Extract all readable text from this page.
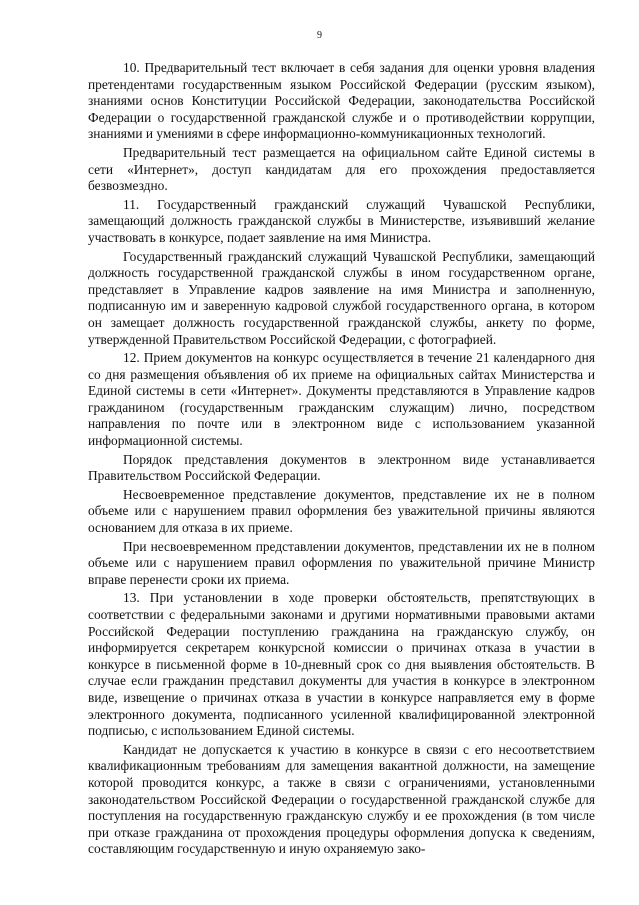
9

10. Предварительный тест включает в себя задания для оценки уровня владения претендентами государственным языком Российской Федерации (русским языком), знаниями основ Конституции Российской Федерации, законодательства Российской Федерации о государственной гражданской службе и о противодействии коррупции, знаниями и умениями в сфере информационно-коммуникационных технологий.

Предварительный тест размещается на официальном сайте Единой системы в сети «Интернет», доступ кандидатам для его прохождения предоставляется безвозмездно.

11. Государственный гражданский служащий Чувашской Республики, замещающий должность гражданской службы в Министерстве, изъявивший желание участвовать в конкурсе, подает заявление на имя Министра.

Государственный гражданский служащий Чувашской Республики, замещающий должность государственной гражданской службы в ином государственном органе, представляет в Управление кадров заявление на имя Министра и заполненную, подписанную им и заверенную кадровой службой государственного органа, в котором он замещает должность государственной гражданской службы, анкету по форме, утвержденной Правительством Российской Федерации, с фотографией.

12. Прием документов на конкурс осуществляется в течение 21 календарного дня со дня размещения объявления об их приеме на официальных сайтах Министерства и Единой системы в сети «Интернет». Документы представляются в Управление кадров гражданином (государственным гражданским служащим) лично, посредством направления по почте или в электронном виде с использованием указанной информационной системы.

Порядок представления документов в электронном виде устанавливается Правительством Российской Федерации.

Несвоевременное представление документов, представление их не в полном объеме или с нарушением правил оформления без уважительной причины являются основанием для отказа в их приеме.

При несвоевременном представлении документов, представлении их не в полном объеме или с нарушением правил оформления по уважительной причине Министр вправе перенести сроки их приема.

13. При установлении в ходе проверки обстоятельств, препятствующих в соответствии с федеральными законами и другими нормативными правовыми актами Российской Федерации поступлению гражданина на гражданскую службу, он информируется секретарем конкурсной комиссии о причинах отказа в участии в конкурсе в письменной форме в 10-дневный срок со дня выявления обстоятельств. В случае если гражданин представил документы для участия в конкурсе в электронном виде, извещение о причинах отказа в участии в конкурсе направляется ему в форме электронного документа, подписанного усиленной квалифицированной электронной подписью, с использованием Единой системы.

Кандидат не допускается к участию в конкурсе в связи с его несоответствием квалификационным требованиям для замещения вакантной должности, на замещение которой проводится конкурс, а также в связи с ограничениями, установленными законодательством Российской Федерации о государственной гражданской службе для поступления на государственную гражданскую службу и ее прохождения (в том числе при отказе гражданина от прохождения процедуры оформления допуска к сведениям, составляющим государственную и иную охраняемую зако-
